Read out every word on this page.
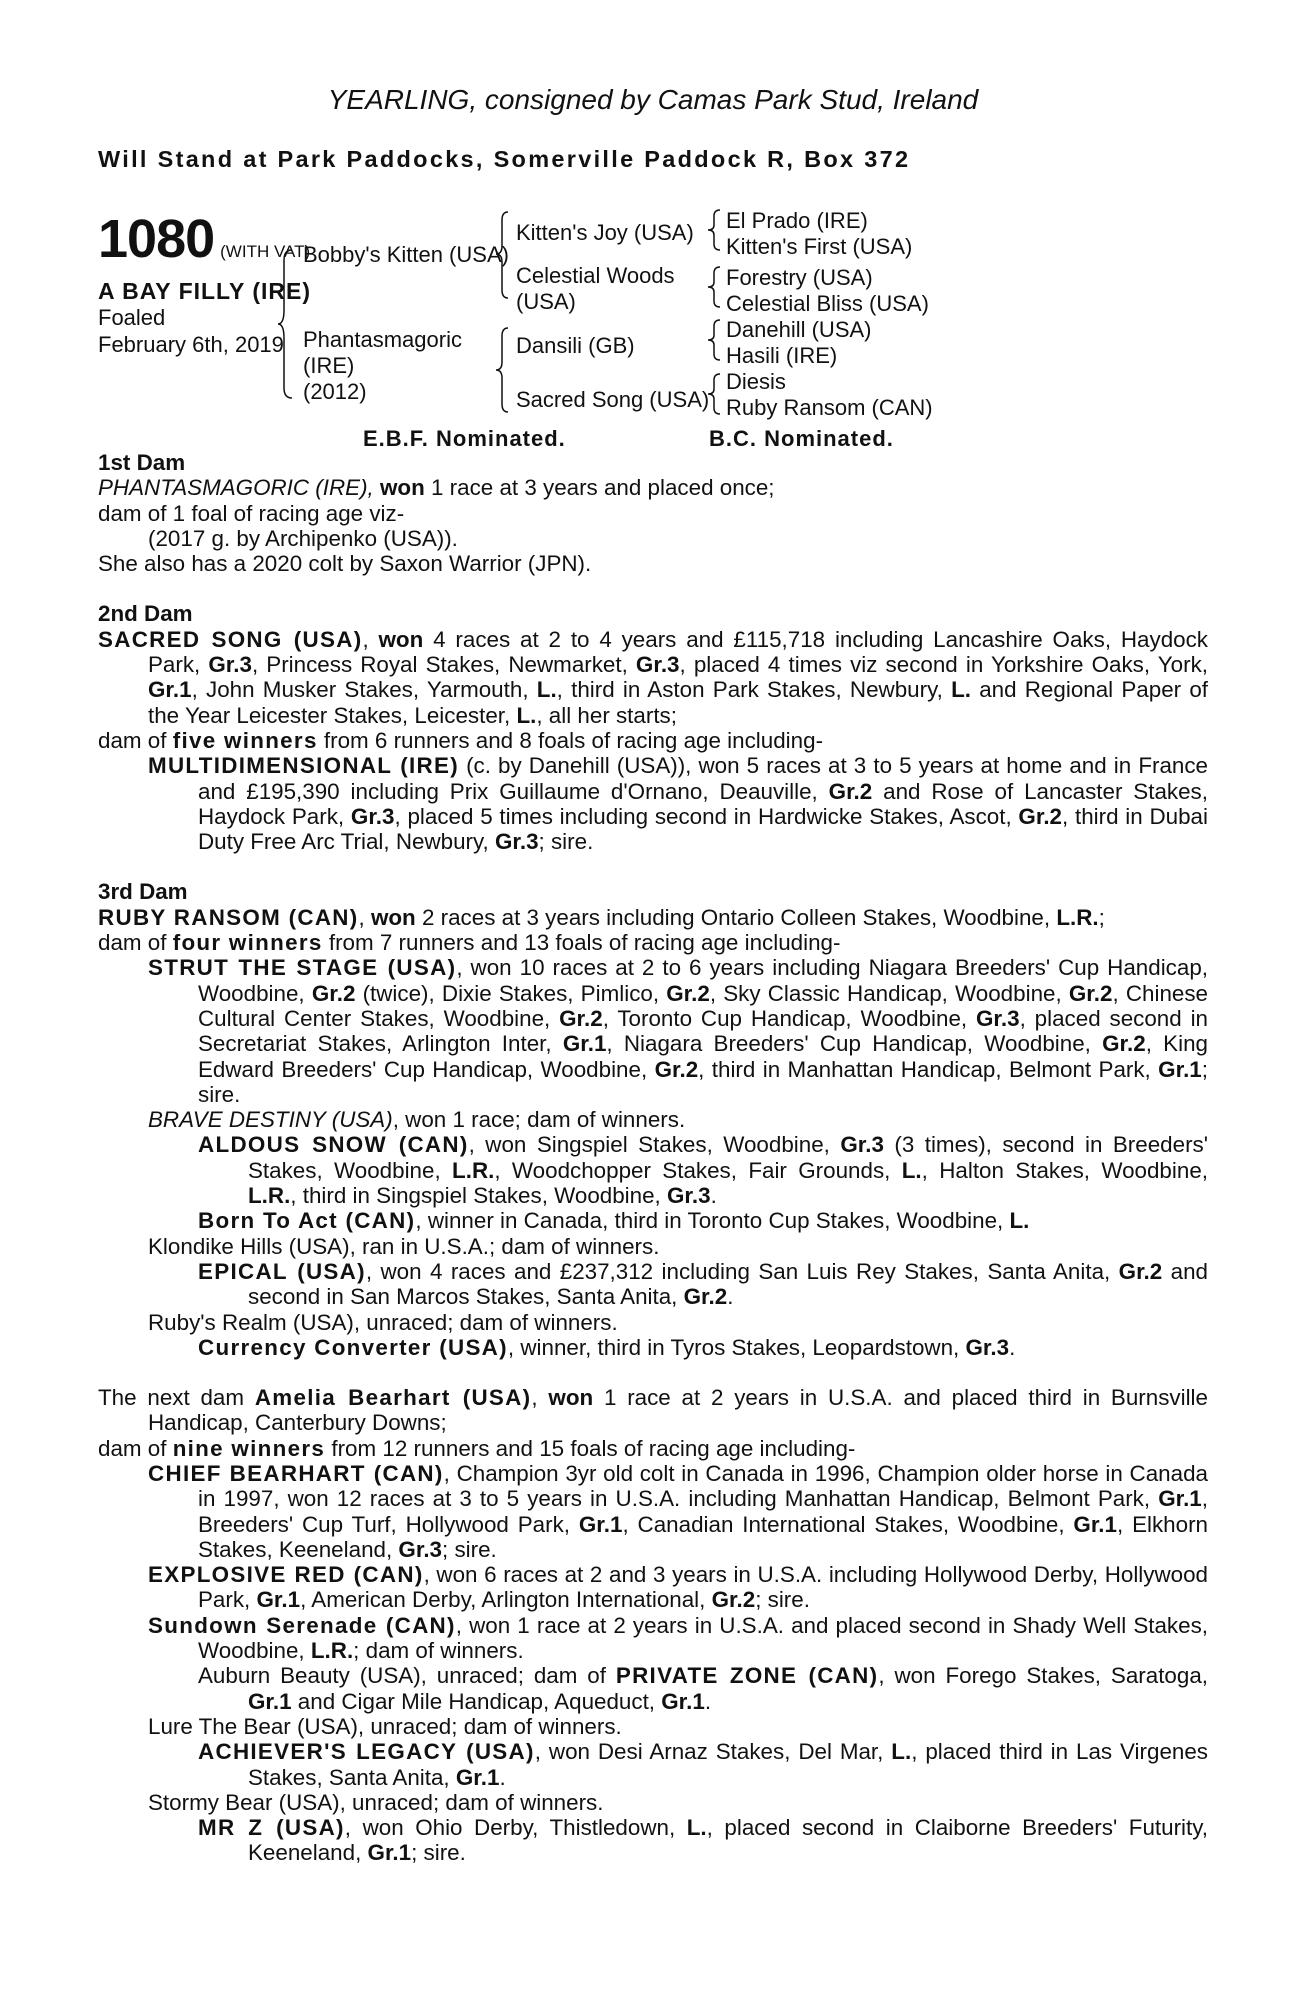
YEARLING, consigned by Camas Park Stud, Ireland
Will Stand at Park Paddocks, Somerville Paddock R, Box 372
1080 (WITH VAT)
A BAY FILLY (IRE)
Foaled
February 6th, 2019
Bobby's Kitten (USA)
Phantasmagoric
(IRE)
(2012)
Kitten's Joy (USA)
Celestial Woods
(USA)
Dansili (GB)
Sacred Song (USA)
El Prado (IRE)
Kitten's First (USA)
Forestry (USA)
Celestial Bliss (USA)
Danehill (USA)
Hasili (IRE)
Diesis
Ruby Ransom (CAN)
E.B.F. Nominated.	B.C. Nominated.
1st Dam
PHANTASMAGORIC (IRE), won 1 race at 3 years and placed once;
dam of 1 foal of racing age viz-
(2017 g. by Archipenko (USA)).
She also has a 2020 colt by Saxon Warrior (JPN).
2nd Dam
SACRED SONG (USA), won 4 races at 2 to 4 years and £115,718 including Lancashire Oaks, Haydock Park, Gr.3, Princess Royal Stakes, Newmarket, Gr.3, placed 4 times viz second in Yorkshire Oaks, York, Gr.1, John Musker Stakes, Yarmouth, L., third in Aston Park Stakes, Newbury, L. and Regional Paper of the Year Leicester Stakes, Leicester, L., all her starts;
dam of five winners from 6 runners and 8 foals of racing age including-
MULTIDIMENSIONAL (IRE) (c. by Danehill (USA)), won 5 races at 3 to 5 years at home and in France and £195,390 including Prix Guillaume d'Ornano, Deauville, Gr.2 and Rose of Lancaster Stakes, Haydock Park, Gr.3, placed 5 times including second in Hardwicke Stakes, Ascot, Gr.2, third in Dubai Duty Free Arc Trial, Newbury, Gr.3; sire.
3rd Dam
RUBY RANSOM (CAN), won 2 races at 3 years including Ontario Colleen Stakes, Woodbine, L.R.;
dam of four winners from 7 runners and 13 foals of racing age including-
STRUT THE STAGE (USA), won 10 races at 2 to 6 years including Niagara Breeders' Cup Handicap, Woodbine, Gr.2 (twice), Dixie Stakes, Pimlico, Gr.2, Sky Classic Handicap, Woodbine, Gr.2, Chinese Cultural Center Stakes, Woodbine, Gr.2, Toronto Cup Handicap, Woodbine, Gr.3, placed second in Secretariat Stakes, Arlington Inter, Gr.1, Niagara Breeders' Cup Handicap, Woodbine, Gr.2, King Edward Breeders' Cup Handicap, Woodbine, Gr.2, third in Manhattan Handicap, Belmont Park, Gr.1; sire.
BRAVE DESTINY (USA), won 1 race; dam of winners.
ALDOUS SNOW (CAN), won Singspiel Stakes, Woodbine, Gr.3 (3 times), second in Breeders' Stakes, Woodbine, L.R., Woodchopper Stakes, Fair Grounds, L., Halton Stakes, Woodbine, L.R., third in Singspiel Stakes, Woodbine, Gr.3.
Born To Act (CAN), winner in Canada, third in Toronto Cup Stakes, Woodbine, L.
Klondike Hills (USA), ran in U.S.A.; dam of winners.
EPICAL (USA), won 4 races and £237,312 including San Luis Rey Stakes, Santa Anita, Gr.2 and second in San Marcos Stakes, Santa Anita, Gr.2.
Ruby's Realm (USA), unraced; dam of winners.
Currency Converter (USA), winner, third in Tyros Stakes, Leopardstown, Gr.3.
The next dam Amelia Bearhart (USA), won 1 race at 2 years in U.S.A. and placed third in Burnsville Handicap, Canterbury Downs;
dam of nine winners from 12 runners and 15 foals of racing age including-
CHIEF BEARHART (CAN), Champion 3yr old colt in Canada in 1996, Champion older horse in Canada in 1997, won 12 races at 3 to 5 years in U.S.A. including Manhattan Handicap, Belmont Park, Gr.1, Breeders' Cup Turf, Hollywood Park, Gr.1, Canadian International Stakes, Woodbine, Gr.1, Elkhorn Stakes, Keeneland, Gr.3; sire.
EXPLOSIVE RED (CAN), won 6 races at 2 and 3 years in U.S.A. including Hollywood Derby, Hollywood Park, Gr.1, American Derby, Arlington International, Gr.2; sire.
Sundown Serenade (CAN), won 1 race at 2 years in U.S.A. and placed second in Shady Well Stakes, Woodbine, L.R.; dam of winners.
Auburn Beauty (USA), unraced; dam of PRIVATE ZONE (CAN), won Forego Stakes, Saratoga, Gr.1 and Cigar Mile Handicap, Aqueduct, Gr.1.
Lure The Bear (USA), unraced; dam of winners.
ACHIEVER'S LEGACY (USA), won Desi Arnaz Stakes, Del Mar, L., placed third in Las Virgenes Stakes, Santa Anita, Gr.1.
Stormy Bear (USA), unraced; dam of winners.
MR Z (USA), won Ohio Derby, Thistledown, L., placed second in Claiborne Breeders' Futurity, Keeneland, Gr.1; sire.
